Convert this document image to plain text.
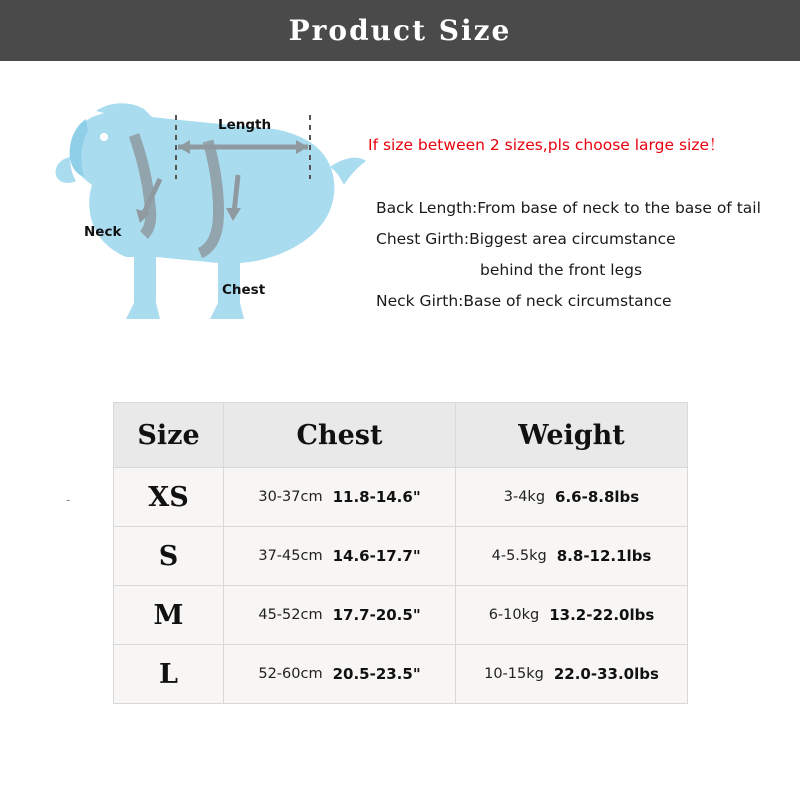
Product Size
Length
Neck
Chest
If size between 2 sizes,pls choose large size！
Back Length:From base of neck to the base of tail
Chest Girth:Biggest area circumstance
behind the front legs
Neck Girth:Base of neck circumstance
-
Size	Chest	Weight
XS	30-37cm 11.8-14.6"	3-4kg 6.6-8.8lbs

S	37-45cm 14.6-17.7"	4-5.5kg 8.8-12.1lbs

M	45-52cm 17.7-20.5"	6-10kg 13.2-22.0lbs

L	52-60cm 20.5-23.5"	10-15kg 22.0-33.0lbs
